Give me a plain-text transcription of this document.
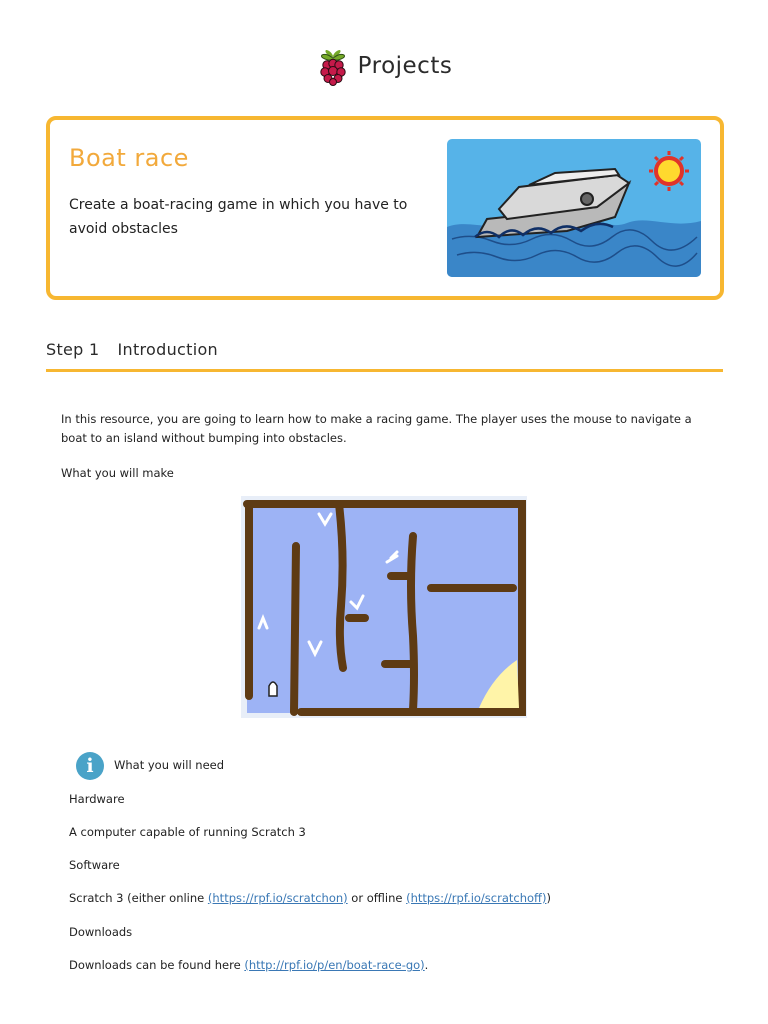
Projects
Boat race
Create a boat-racing game in which you have to avoid obstacles
Step 1 Introduction
In this resource, you are going to learn how to make a racing game. The player uses the mouse to navigate a boat to an island without bumping into obstacles.
What you will make
i	What you will need
Hardware
A computer capable of running Scratch 3
Software
Scratch 3 (either online (https://rpf.io/scratchon) or offline (https://rpf.io/scratchoff))
Downloads
Downloads can be found here (http://rpf.io/p/en/boat-race-go).
